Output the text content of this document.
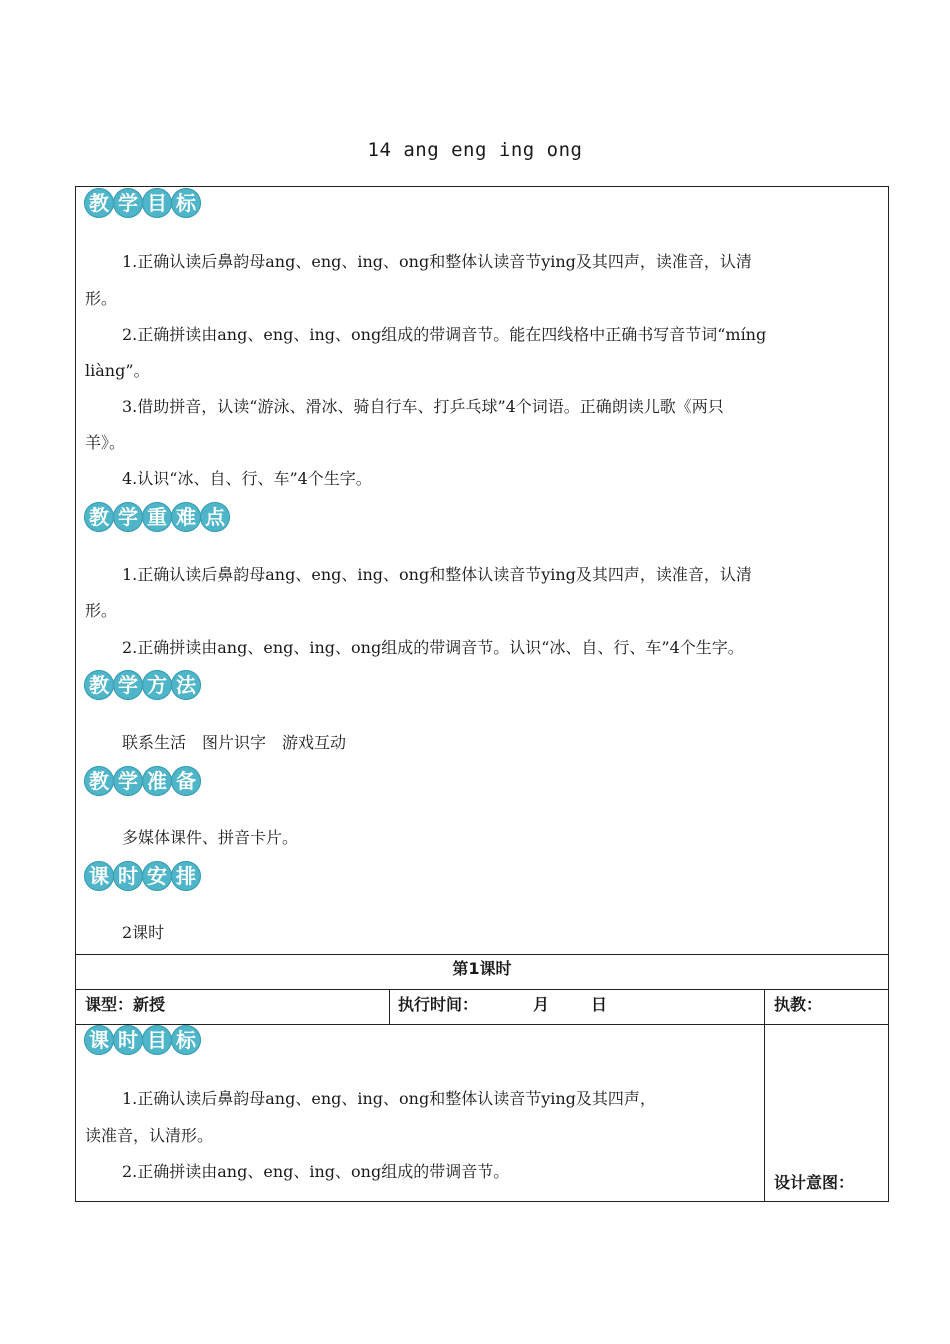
14 ang eng ing ong
教 学 目 标
1.正确认读后鼻韵母ang、eng、ing、ong和整体认读音节ying及其四声，读准音，认清
形。
2.正确拼读由ang、eng、ing、ong组成的带调音节。能在四线格中正确书写音节词“míng
liàng”。
3.借助拼音，认读“游泳、滑冰、骑自行车、打乒乓球”4个词语。正确朗读儿歌《两只
羊》。
4.认识“冰、自、行、车”4个生字。
教 学 重 难 点
1.正确认读后鼻韵母ang、eng、ing、ong和整体认读音节ying及其四声，读准音，认清
形。
2.正确拼读由ang、eng、ing、ong组成的带调音节。认识“冰、自、行、车”4个生字。
教 学 方 法
联系生活　图片识字　游戏互动
教 学 准 备
多媒体课件、拼音卡片。
课 时 安 排
2课时
第1课时
课型：新授	执行时间：	月	日	执教：
课 时 目 标
1.正确认读后鼻韵母ang、eng、ing、ong和整体认读音节ying及其四声，
读准音，认清形。
2.正确拼读由ang、eng、ing、ong组成的带调音节。
设计意图：
